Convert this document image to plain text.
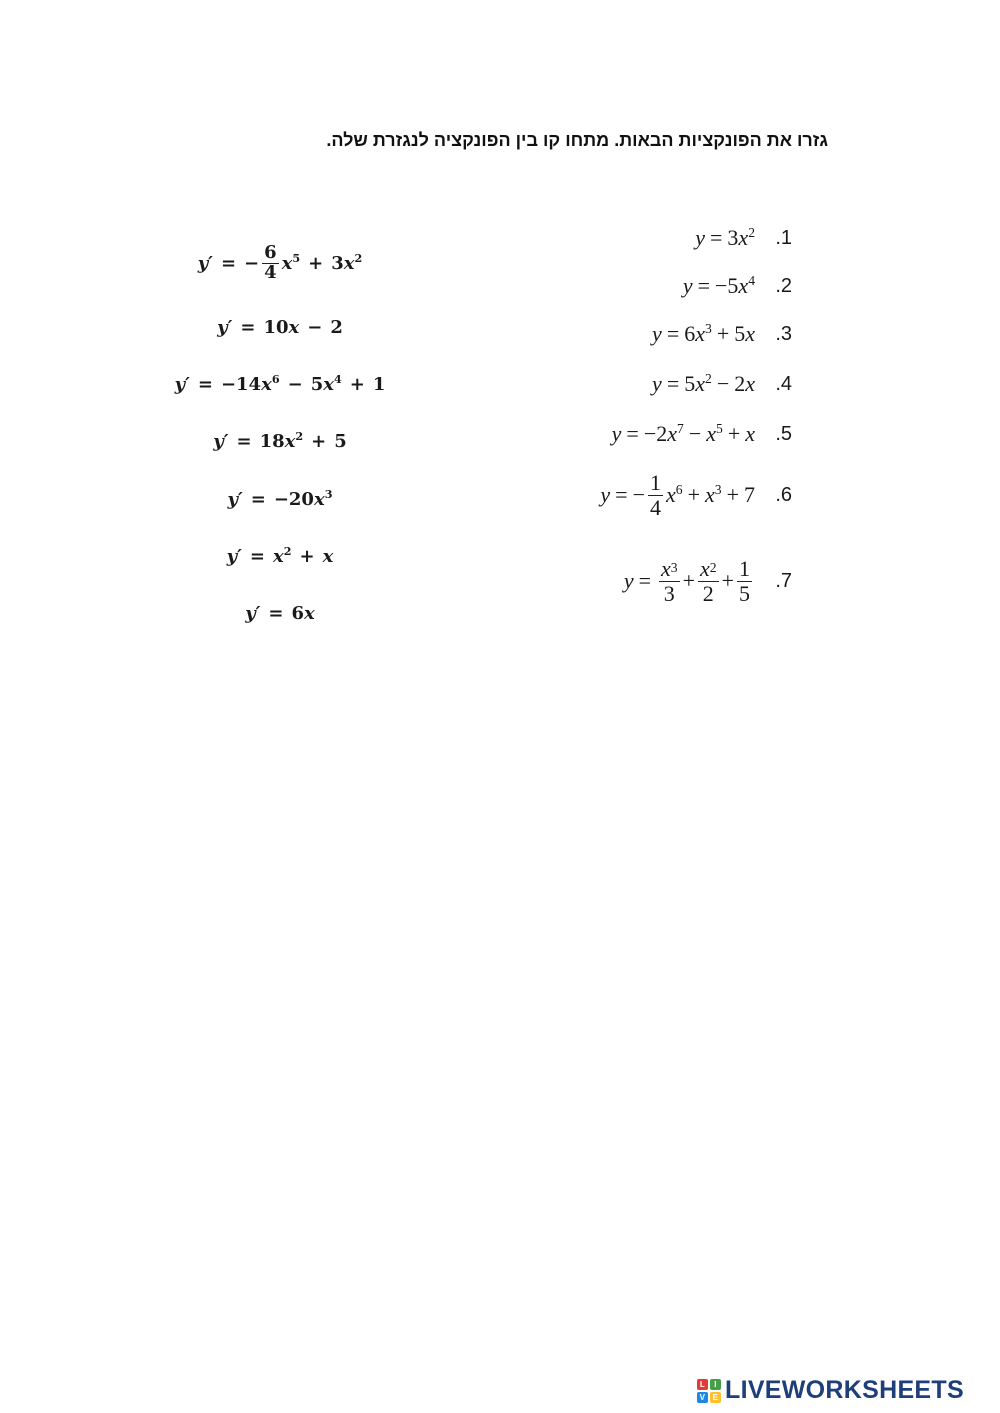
גזרו את הפונקציות הבאות. מתחו קו בין הפונקציה לנגזרת שלה.
y′ = − $\frac{6}{4} x^5 + 3$ $x^2$
y′ = 10 x − 2
y′ = −14 $x^6 - 5$ $x^4 + 1$
y′ = 18 $x^2 + 5$
y′ = −20 $x^3$
$y' = x^2 + x$
y′ = 6 x
.1
y = 3 $x^2$
.2
y = −5 $x^4$
.3
y = 6 $x^3 + 5$ x
.4
y = 5 $x^2 - 2$ x
.5
y = −2 $x^7 - x^5 + x$
.6
y = − $\frac{1}{4} x^6 + x^3 + 7$
.7
$y = \frac{x^3}{3} + \frac{x^2}{2} + \frac{1}{5}$
L	I
V E LIVEWORKSHEETS
